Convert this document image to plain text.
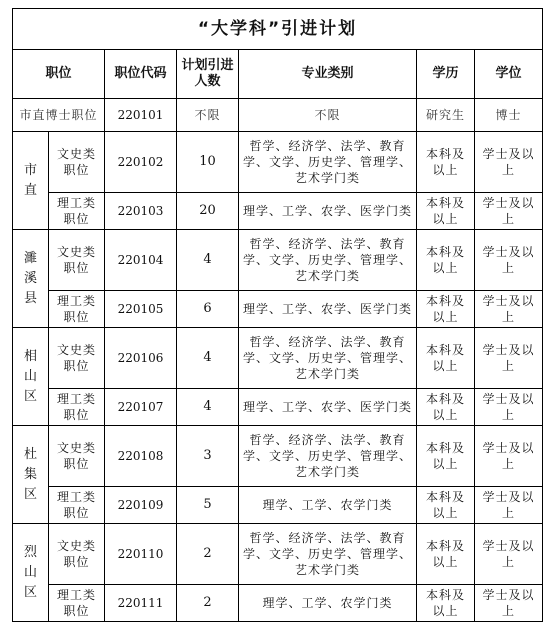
“大学科”引进计划						
职位		职位代码	计划引进人数	专业类别	学历	学位
市直博士职位		220101	不限	不限	研究生	博士
市直	文史类职位	220102	10	哲学、经济学、法学、教育学、文学、历史学、管理学、艺术学门类	本科及以上	学士及以上
	理工类职位	220103	20	理学、工学、农学、医学门类	本科及以上	学士及以上
濉溪县	文史类职位	220104	4	哲学、经济学、法学、教育学、文学、历史学、管理学、艺术学门类	本科及以上	学士及以上
	理工类职位	220105	6	理学、工学、农学、医学门类	本科及以上	学士及以上
相山区	文史类职位	220106	4	哲学、经济学、法学、教育学、文学、历史学、管理学、艺术学门类	本科及以上	学士及以上
	理工类职位	220107	4	理学、工学、农学、医学门类	本科及以上	学士及以上
杜集区	文史类职位	220108	3	哲学、经济学、法学、教育学、文学、历史学、管理学、艺术学门类	本科及以上	学士及以上
	理工类职位	220109	5	理学、工学、农学门类	本科及以上	学士及以上
烈山区	文史类职位	220110	2	哲学、经济学、法学、教育学、文学、历史学、管理学、艺术学门类	本科及以上	学士及以上
	理工类职位	220111	2	理学、工学、农学门类	本科及以上	学士及以上
